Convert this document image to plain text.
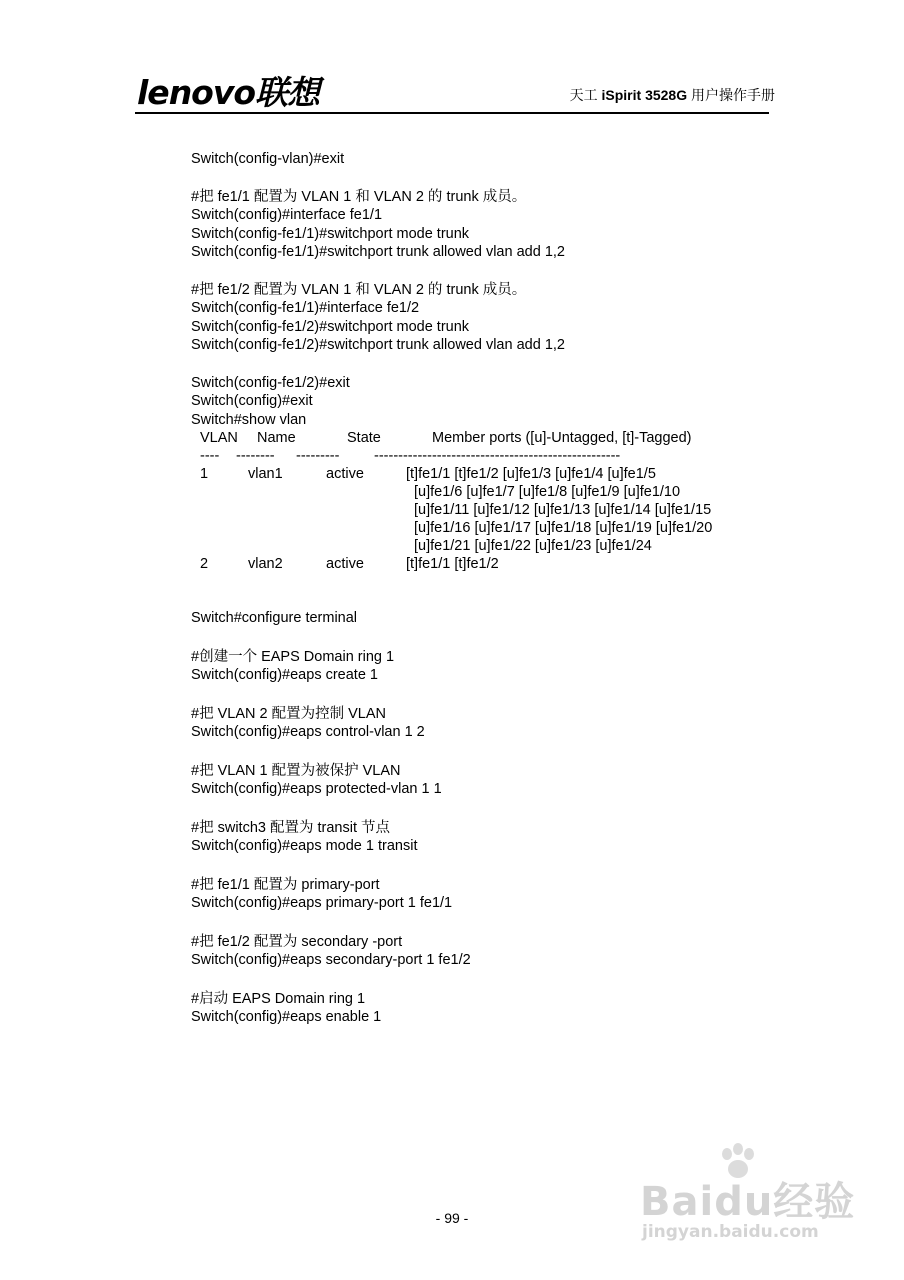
lenovo联想	天工 iSpirit 3528G 用户操作手册
Switch(config-vlan)#exit
#把 fe1/1 配置为 VLAN 1 和 VLAN 2 的 trunk 成员。
Switch(config)#interface fe1/1
Switch(config-fe1/1)#switchport mode trunk
Switch(config-fe1/1)#switchport trunk allowed vlan add 1,2
#把 fe1/2 配置为 VLAN 1 和 VLAN 2 的 trunk 成员。
Switch(config-fe1/1)#interface fe1/2
Switch(config-fe1/2)#switchport mode trunk
Switch(config-fe1/2)#switchport trunk allowed vlan add 1,2
Switch(config-fe1/2)#exit
Switch(config)#exit
Switch#show vlan
VLAN Name	State	Member ports ([u]-Untagged, [t]-Tagged)
---- -------- --------- ---------------------------------------------------
1	vlan1	active	[t]fe1/1 [t]fe1/2 [u]fe1/3 [u]fe1/4 [u]fe1/5
[u]fe1/6 [u]fe1/7 [u]fe1/8 [u]fe1/9 [u]fe1/10
[u]fe1/11 [u]fe1/12 [u]fe1/13 [u]fe1/14 [u]fe1/15
[u]fe1/16 [u]fe1/17 [u]fe1/18 [u]fe1/19 [u]fe1/20
[u]fe1/21 [u]fe1/22 [u]fe1/23 [u]fe1/24
2	vlan2	active	[t]fe1/1 [t]fe1/2
Switch#configure terminal
#创建一个 EAPS Domain ring 1
Switch(config)#eaps create 1
#把 VLAN 2 配置为控制 VLAN
Switch(config)#eaps control-vlan 1 2
#把 VLAN 1 配置为被保护 VLAN
Switch(config)#eaps protected-vlan 1 1
#把 switch3 配置为 transit 节点
Switch(config)#eaps mode 1 transit
#把 fe1/1 配置为 primary-port
Switch(config)#eaps primary-port 1 fe1/1
#把 fe1/2 配置为 secondary -port
Switch(config)#eaps secondary-port 1 fe1/2
#启动 EAPS Domain ring 1
Switch(config)#eaps enable 1
- 99 -	Baidu经验
jingyan.baidu.com
